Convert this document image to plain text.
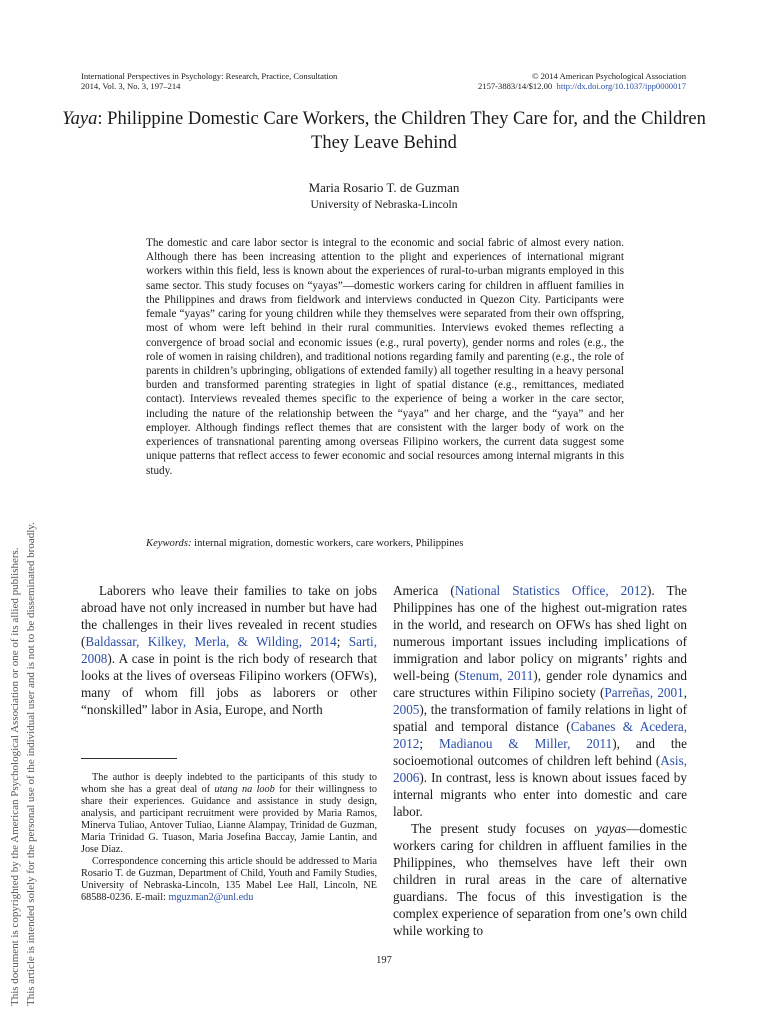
This document is copyrighted by the American Psychological Association or one of its allied publishers. This article is intended solely for the personal use of the individual user and is not to be disseminated broadly.
International Perspectives in Psychology: Research, Practice, Consultation
2014, Vol. 3, No. 3, 197–214
© 2014 American Psychological Association
2157-3883/14/$12.00 http://dx.doi.org/10.1037/ipp0000017
Yaya: Philippine Domestic Care Workers, the Children They Care for, and the Children They Leave Behind
Maria Rosario T. de Guzman
University of Nebraska-Lincoln

The domestic and care labor sector is integral to the economic and social fabric of almost every nation. Although there has been increasing attention to the plight and experiences of international migrant workers within this field, less is known about the experiences of rural-to-urban migrants employed in this same sector. This study focuses on “yayas”—domestic workers caring for children in affluent families in the Philippines and draws from fieldwork and interviews conducted in Quezon City. Participants were female “yayas” caring for young children while they themselves were separated from their own offspring, most of whom were left behind in their rural communities. Interviews evoked themes reflecting a convergence of broad social and economic issues (e.g., rural poverty), gender norms and roles (e.g., the role of women in raising children), and traditional notions regarding family and parenting (e.g., the role of parents in children’s upbringing, obligations of extended family) all together resulting in a heavy personal burden and transformed parenting strategies in light of spatial distance (e.g., remittances, mediated contact). Interviews revealed themes specific to the experience of being a worker in the care sector, including the nature of the relationship between the “yaya” and her charge, and the “yaya” and her employer. Although findings reflect themes that are consistent with the larger body of work on the experiences of transnational parenting among overseas Filipino workers, the current data suggest some unique patterns that reflect access to fewer economic and social resources among internal migrants in this study.

Keywords: internal migration, domestic workers, care workers, Philippines

Laborers who leave their families to take on jobs abroad have not only increased in number but have had the challenges in their lives revealed in recent studies (Baldassar, Kilkey, Merla, & Wilding, 2014; Sarti, 2008). A case in point is the rich body of research that looks at the lives of overseas Filipino workers (OFWs), many of whom fill jobs as laborers or other “nonskilled” labor in Asia, Europe, and North

The author is deeply indebted to the participants of this study to whom she has a great deal of utang na loob for their willingness to share their experiences. Guidance and assistance in study design, analysis, and participant recruitment were provided by Maria Ramos, Minerva Tuliao, Antover Tuliao, Lianne Alampay, Trinidad de Guzman, Maria Trinidad G. Tuason, Maria Josefina Baccay, Jamie Lantin, and Jose Diaz.

Correspondence concerning this article should be addressed to Maria Rosario T. de Guzman, Department of Child, Youth and Family Studies, University of Nebraska-Lincoln, 135 Mabel Lee Hall, Lincoln, NE 68588-0236. E-mail: mguzman2@unl.edu

America (National Statistics Office, 2012). The Philippines has one of the highest out-migration rates in the world, and research on OFWs has shed light on numerous important issues including implications of immigration and labor policy on migrants’ rights and well-being (Stenum, 2011), gender role dynamics and care structures within Filipino society (Parreñas, 2001, 2005), the transformation of family relations in light of spatial and temporal distance (Cabanes & Acedera, 2012; Madianou & Miller, 2011), and the socioemotional outcomes of children left behind (Asis, 2006). In contrast, less is known about issues faced by internal migrants who enter into domestic and care labor.

The present study focuses on yayas—domestic workers caring for children in affluent families in the Philippines, who themselves have left their own children in rural areas in the care of alternative guardians. The focus of this investigation is the complex experience of separation from one’s own child while working to

197
